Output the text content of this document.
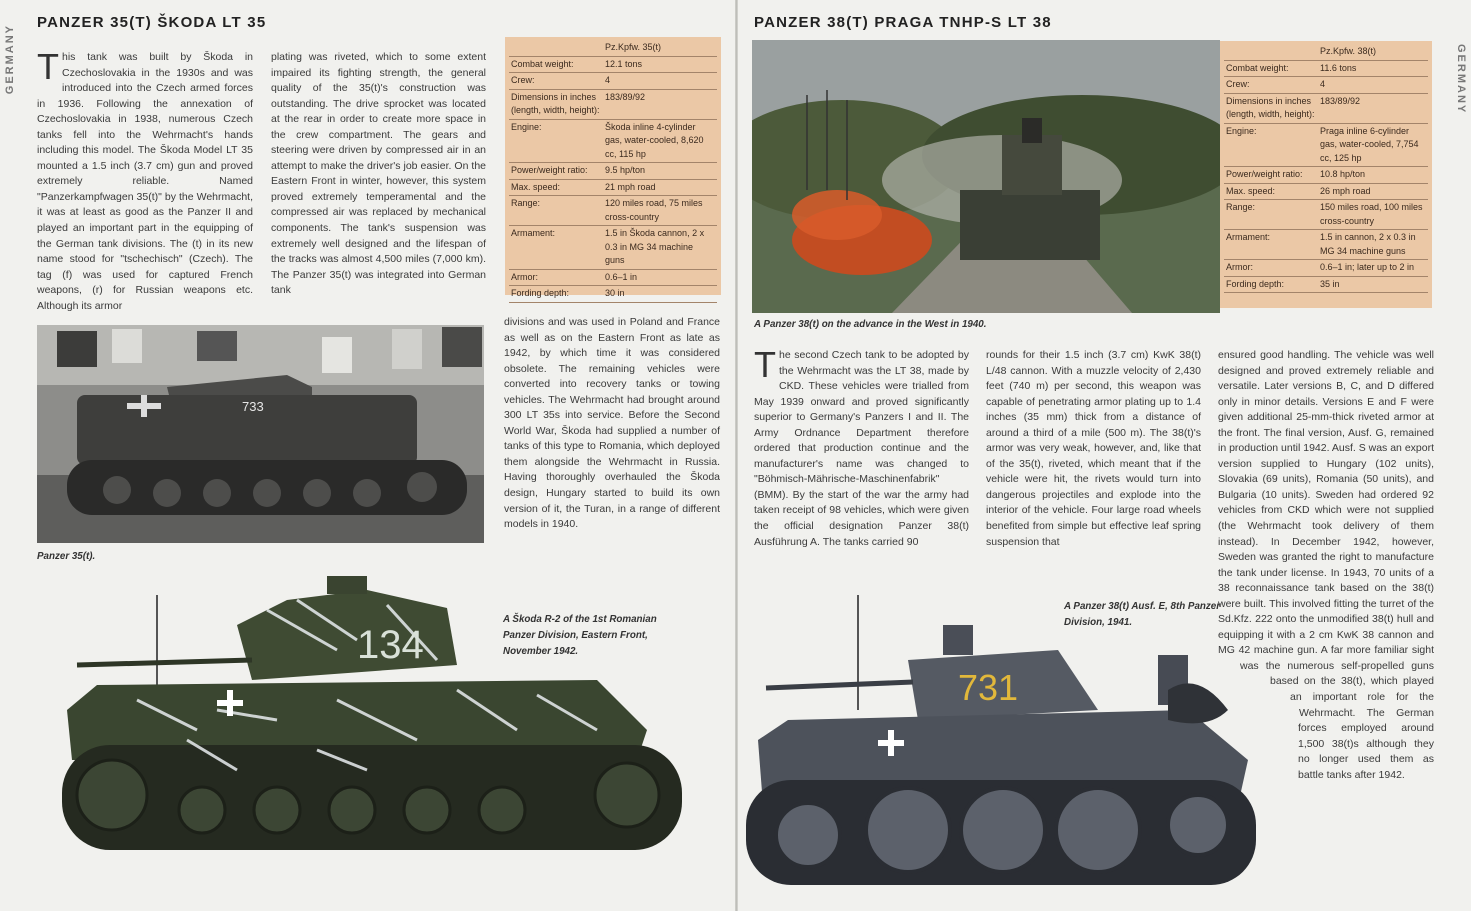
GERMANY
PANZER 35(T) ŠKODA LT 35
This tank was built by Škoda in Czechoslovakia in the 1930s and was introduced into the Czech armed forces in 1936. Following the annexation of Czechoslovakia in 1938, numerous Czech tanks fell into the Wehrmacht's hands including this model. The Škoda Model LT 35 mounted a 1.5 inch (3.7 cm) gun and proved extremely reliable. Named "Panzerkampfwagen 35(t)" by the Wehrmacht, it was at least as good as the Panzer II and played an important part in the equipping of the German tank divisions. The (t) in its new name stood for "tschechisch" (Czech). The tag (f) was used for captured French weapons, (r) for Russian weapons etc. Although its armor
plating was riveted, which to some extent impaired its fighting strength, the general quality of the 35(t)'s construction was outstanding. The drive sprocket was located at the rear in order to create more space in the crew compartment. The gears and steering were driven by compressed air in an attempt to make the driver's job easier. On the Eastern Front in winter, however, this system proved extremely temperamental and the compressed air was replaced by mechanical components. The tank's suspension was extremely well designed and the lifespan of the tracks was almost 4,500 miles (7,000 km). The Panzer 35(t) was integrated into German tank
	Pz.Kpfw. 35(t)
Combat weight:	12.1 tons
Crew:	4
Dimensions in inches (length, width, height):	183/89/92
Engine:	Škoda inline 4-cylinder gas, water-cooled, 8,620 cc, 115 hp
Power/weight ratio:	9.5 hp/ton
Max. speed:	21 mph road
Range:	120 miles road, 75 miles cross-country
Armament:	1.5 in Škoda cannon, 2 x 0.3 in MG 34 machine guns
Armor:	0.6–1 in
Fording depth:	30 in
divisions and was used in Poland and France as well as on the Eastern Front as late as 1942, by which time it was considered obsolete. The remaining vehicles were converted into recovery tanks or towing vehicles. The Wehrmacht had brought around 300 LT 35s into service. Before the Second World War, Škoda had supplied a number of tanks of this type to Romania, which deployed them alongside the Wehrmacht in Russia. Having thoroughly overhauled the Škoda design, Hungary started to build its own version of it, the Turan, in a range of different models in 1940.
733
Panzer 35(t).
134
A Škoda R-2 of the 1st Romanian Panzer Division, Eastern Front, November 1942.
GERMANY
PANZER 38(T) PRAGA TNHP-S LT 38
A Panzer 38(t) on the advance in the West in 1940.
	Pz.Kpfw. 38(t)
Combat weight:	11.6 tons
Crew:	4
Dimensions in inches (length, width, height):	183/89/92
Engine:	Praga inline 6-cylinder gas, water-cooled, 7,754 cc, 125 hp
Power/weight ratio:	10.8 hp/ton
Max. speed:	26 mph road
Range:	150 miles road, 100 miles cross-country
Armament:	1.5 in cannon, 2 x 0.3 in MG 34 machine guns
Armor:	0.6–1 in; later up to 2 in
Fording depth:	35 in
The second Czech tank to be adopted by the Wehrmacht was the LT 38, made by CKD. These vehicles were trialled from May 1939 onward and proved significantly superior to Germany's Panzers I and II. The Army Ordnance Department therefore ordered that production continue and the manufacturer's name was changed to "Böhmisch-Mährische-Maschinenfabrik" (BMM). By the start of the war the army had taken receipt of 98 vehicles, which were given the official designation Panzer 38(t) Ausführung A. The tanks carried 90
rounds for their 1.5 inch (3.7 cm) KwK 38(t) L/48 cannon. With a muzzle velocity of 2,430 feet (740 m) per second, this weapon was capable of penetrating armor plating up to 1.4 inches (35 mm) thick from a distance of around a third of a mile (500 m). The 38(t)'s armor was very weak, however, and, like that of the 35(t), riveted, which meant that if the vehicle were hit, the rivets would turn into dangerous projectiles and explode into the interior of the vehicle. Four large road wheels benefited from simple but effective leaf spring suspension that
731
A Panzer 38(t) Ausf. E, 8th Panzer Division, 1941.
ensured good handling. The vehicle was well designed and proved extremely reliable and versatile. Later versions B, C, and D differed only in minor details. Versions E and F were given additional 25-mm-thick riveted armor at the front. The final version, Ausf. G, remained in production until 1942. Ausf. S was an export version supplied to Hungary (102 units), Slovakia (69 units), Romania (50 units), and Bulgaria (10 units). Sweden had ordered 92 vehicles from CKD which were not supplied (the Wehrmacht took delivery of them instead). In December 1942, however, Sweden was granted the right to manufacture the tank under license. In 1943, 70 units of a 38 reconnaissance tank based on the 38(t) were built. This involved fitting the turret of the Sd.Kfz. 222 onto the unmodified 38(t) hull and equipping it with a 2 cm KwK 38 cannon and MG 42 machine gun. A far more familiar sight was the numerous self-propelled guns based on the 38(t), which played an important role for the Wehrmacht. The German forces employed around 1,500 38(t)s although they no longer used them as battle tanks after 1942.
